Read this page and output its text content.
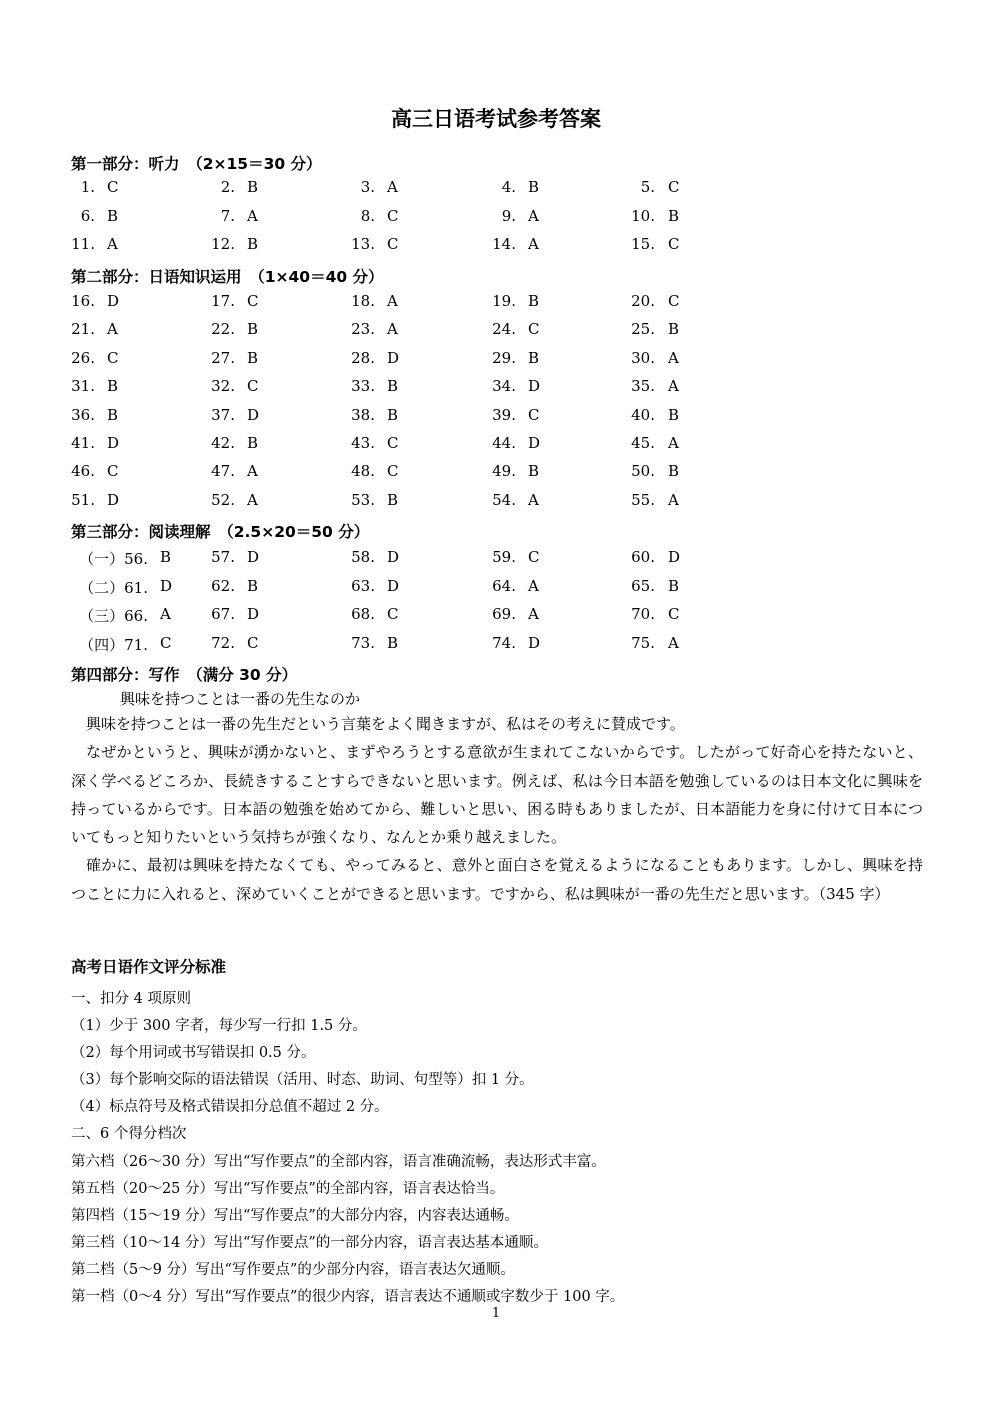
高三日语考试参考答案
第一部分：听力　（2×15＝30 分）
1. C	2. B	3. A	4. B	5. C
6. B	7. A	8. C	9. A	10. B
11. A	12. B	13. C	14. A	15. C
第二部分：日语知识运用　（1×40＝40 分）
16. D	17. C	18. A	19. B	20. C
21. A	22. B	23. A	24. C	25. B
26. C	27. B	28. D	29. B	30. A
31. B	32. C	33. B	34. D	35. A
36. B	37. D	38. B	39. C	40. B
41. D	42. B	43. C	44. D	45. A
46. C	47. A	48. C	49. B	50. B
51. D	52. A	53. B	54. A	55. A
第三部分：阅读理解　（2.5×20＝50 分）
（一）56. B	57. D	58. D	59. C	60. D
（二）61. D	62. B	63. D	64. A	65. B
（三）66. A	67. D	68. C	69. A	70. C
（四）71. C	72. C	73. B	74. D	75. A
第四部分：写作　（满分 30 分）
興味を持つことは一番の先生なのか

興味を持つことは一番の先生だという言葉をよく聞きますが、私はその考えに賛成です。

なぜかというと、興味が湧かないと、まずやろうとする意欲が生まれてこないからです。したがって好奇心を持たないと、深く学べるどころか、長続きすることすらできないと思います。例えば、私は今日本語を勉強しているのは日本文化に興味を持っているからです。日本語の勉強を始めてから、難しいと思い、困る時もありましたが、日本語能力を身に付けて日本についてもっと知りたいという気持ちが強くなり、なんとか乗り越えました。

確かに、最初は興味を持たなくても、やってみると、意外と面白さを覚えるようになることもあります。しかし、興味を持つことに力に入れると、深めていくことができると思います。ですから、私は興味が一番の先生だと思います。（345 字）

高考日语作文评分标准
一、扣分 4 项原则
（1）少于 300 字者，每少写一行扣 1.5 分。
（2）每个用词或书写错误扣 0.5 分。
（3）每个影响交际的语法错误（活用、时态、助词、句型等）扣 1 分。
（4）标点符号及格式错误扣分总值不超过 2 分。
二、6 个得分档次
第六档（26～30 分）写出“写作要点”的全部内容，语言准确流畅，表达形式丰富。
第五档（20～25 分）写出“写作要点”的全部内容，语言表达恰当。
第四档（15～19 分）写出“写作要点”的大部分内容，内容表达通畅。
第三档（10～14 分）写出“写作要点”的一部分内容，语言表达基本通顺。
第二档（5～9 分）写出“写作要点”的少部分内容，语言表达欠通顺。
第一档（0～4 分）写出“写作要点”的很少内容，语言表达不通顺或字数少于 100 字。
1
